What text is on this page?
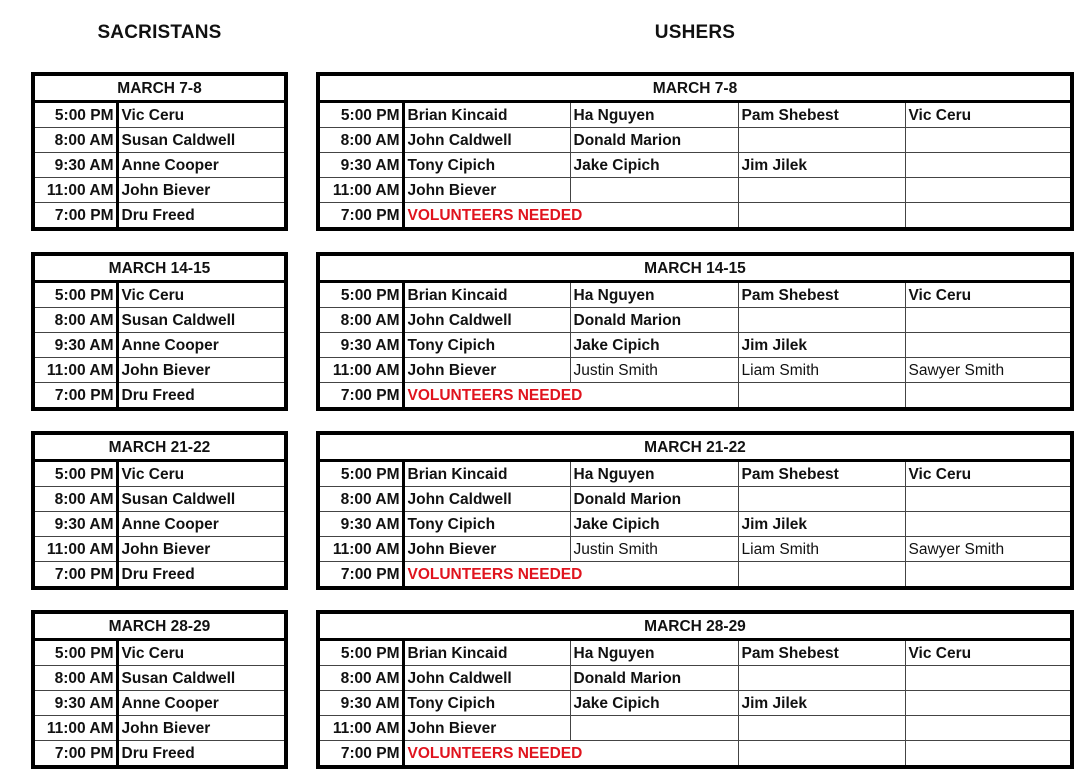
SACRISTANS	USHERS
MARCH 7-8	
5:00 PM	Vic Ceru
8:00 AM	Susan Caldwell
9:30 AM	Anne Cooper
11:00 AM	John Biever
7:00 PM	Dru Freed
MARCH 7-8				
5:00 PM	Brian Kincaid	Ha Nguyen	Pam Shebest	Vic Ceru
8:00 AM	John Caldwell	Donald Marion		
9:30 AM	Tony Cipich	Jake Cipich	Jim Jilek	
11:00 AM	John Biever			
7:00 PM	VOLUNTEERS NEEDED			
MARCH 14-15	
5:00 PM	Vic Ceru
8:00 AM	Susan Caldwell
9:30 AM	Anne Cooper
11:00 AM	John Biever
7:00 PM	Dru Freed
MARCH 14-15				
5:00 PM	Brian Kincaid	Ha Nguyen	Pam Shebest	Vic Ceru
8:00 AM	John Caldwell	Donald Marion		
9:30 AM	Tony Cipich	Jake Cipich	Jim Jilek	
11:00 AM	John Biever	Justin Smith	Liam Smith	Sawyer Smith
7:00 PM	VOLUNTEERS NEEDED			
MARCH 21-22	
5:00 PM	Vic Ceru
8:00 AM	Susan Caldwell
9:30 AM	Anne Cooper
11:00 AM	John Biever
7:00 PM	Dru Freed
MARCH 21-22				
5:00 PM	Brian Kincaid	Ha Nguyen	Pam Shebest	Vic Ceru
8:00 AM	John Caldwell	Donald Marion		
9:30 AM	Tony Cipich	Jake Cipich	Jim Jilek	
11:00 AM	John Biever	Justin Smith	Liam Smith	Sawyer Smith
7:00 PM	VOLUNTEERS NEEDED			
MARCH 28-29	
5:00 PM	Vic Ceru
8:00 AM	Susan Caldwell
9:30 AM	Anne Cooper
11:00 AM	John Biever
7:00 PM	Dru Freed
MARCH 28-29				
5:00 PM	Brian Kincaid	Ha Nguyen	Pam Shebest	Vic Ceru
8:00 AM	John Caldwell	Donald Marion		
9:30 AM	Tony Cipich	Jake Cipich	Jim Jilek	
11:00 AM	John Biever			
7:00 PM	VOLUNTEERS NEEDED			
